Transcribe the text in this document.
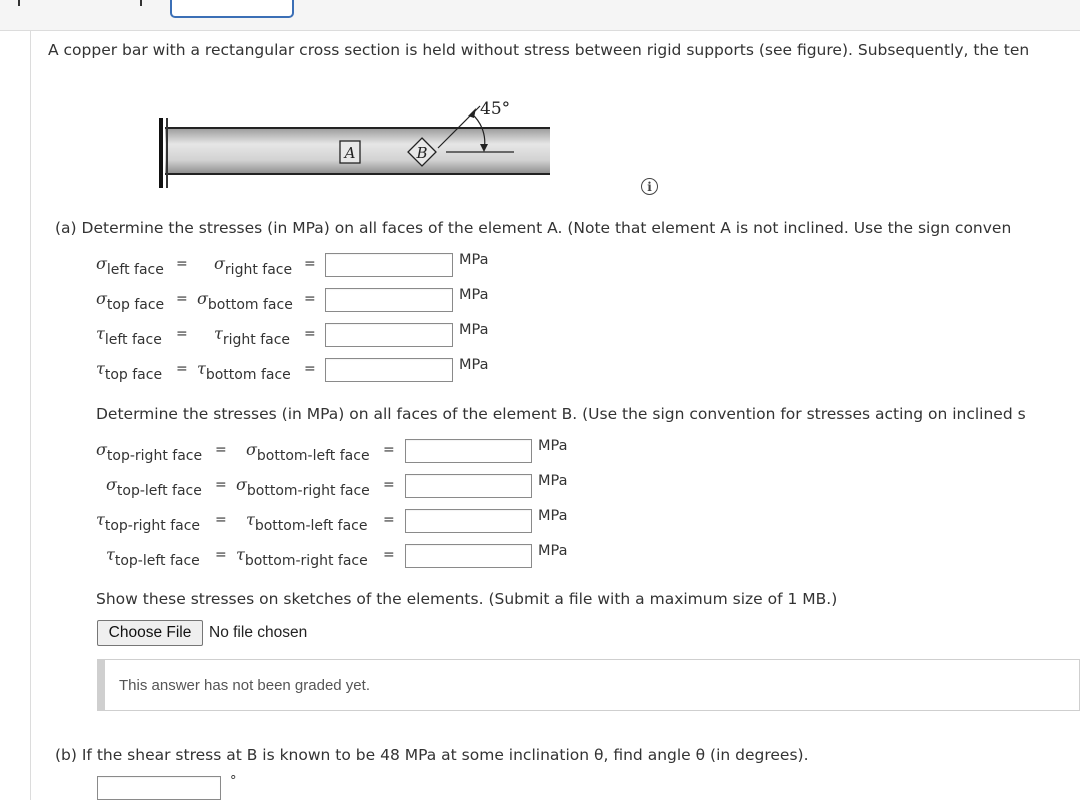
A copper bar with a rectangular cross section is held without stress between rigid supports (see figure). Subsequently, the ten
A	B
45°
i
(a) Determine the stresses (in MPa) on all faces of the element A. (Note that element A is not inclined. Use the sign conven
σleft face = σright face =	MPa
σtop face = σbottom face =	MPa
τleft face = τright face =	MPa
τtop face = τbottom face =	MPa
Determine the stresses (in MPa) on all faces of the element B. (Use the sign convention for stresses acting on inclined s
σtop-right face = σbottom-left face =	MPa
σtop-left face = σbottom-right face =	MPa
τtop-right face = τbottom-left face =	MPa
τtop-left face = τbottom-right face =	MPa
Show these stresses on sketches of the elements. (Submit a file with a maximum size of 1 MB.)
Choose File	No file chosen
This answer has not been graded yet.
(b) If the shear stress at B is known to be 48 MPa at some inclination θ, find angle θ (in degrees).
°
